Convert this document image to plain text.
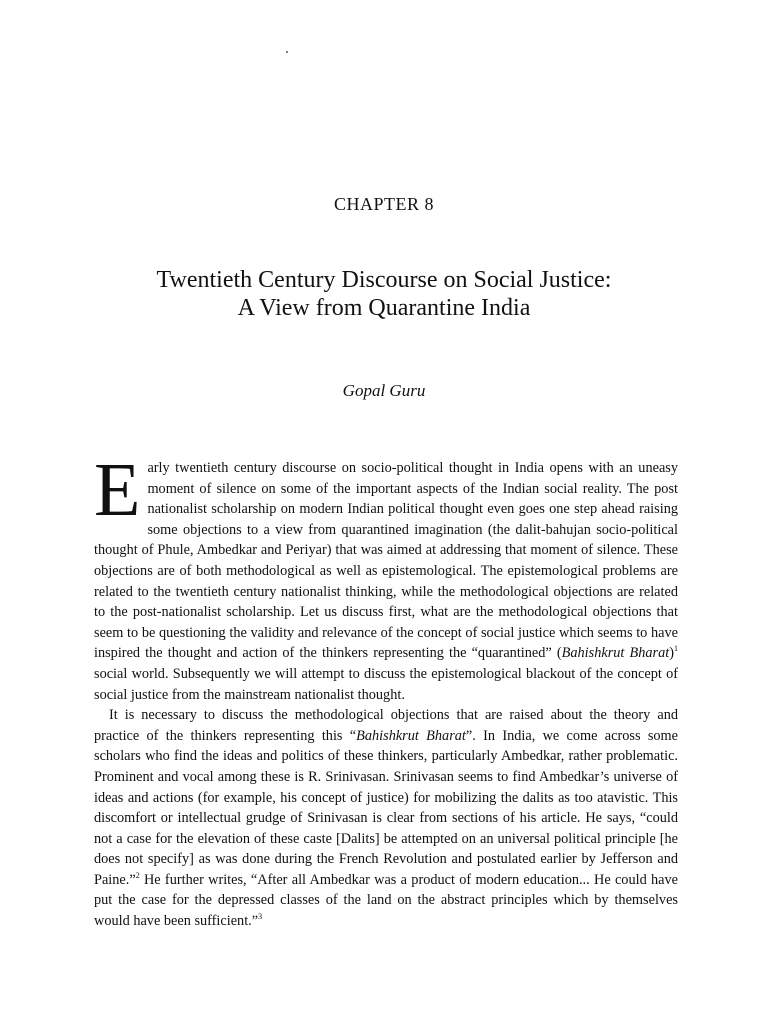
CHAPTER 8
Twentieth Century Discourse on Social Justice:
A View from Quarantine India
Gopal Guru

Early twentieth century discourse on socio-political thought in India opens with an uneasy moment of silence on some of the important aspects of the Indian social reality. The post nationalist scholarship on modern Indian political thought even goes one step ahead raising some objections to a view from quarantined imagination (the dalit-bahujan socio-political thought of Phule, Ambedkar and Periyar) that was aimed at addressing that moment of silence. These objections are of both methodological as well as epistemological. The epistemological problems are related to the twentieth century nationalist thinking, while the methodological objections are related to the post-nationalist scholarship. Let us discuss first, what are the methodological objections that seem to be questioning the validity and relevance of the concept of social justice which seems to have inspired the thought and action of the thinkers representing the “quarantined” (Bahishkrut Bharat)$^1$ social world. Subsequently we will attempt to discuss the epistemological blackout of the concept of social justice from the mainstream nationalist thought.

It is necessary to discuss the methodological objections that are raised about the theory and practice of the thinkers representing this “Bahishkrut Bharat”. In India, we come across some scholars who find the ideas and politics of these thinkers, particularly Ambedkar, rather problematic. Prominent and vocal among these is R. Srinivasan. Srinivasan seems to find Ambedkar’s universe of ideas and actions (for example, his concept of justice) for mobilizing the dalits as too atavistic. This discomfort or intellectual grudge of Srinivasan is clear from sections of his article. He says, “could not a case for the elevation of these caste [Dalits] be attempted on an universal political principle [he does not specify] as was done during the French Revolution and postulated earlier by Jefferson and Paine.”$^2$ He further writes, “After all Ambedkar was a product of modern education... He could have put the case for the depressed classes of the land on the abstract principles which by themselves would have been sufficient.”$^3$
